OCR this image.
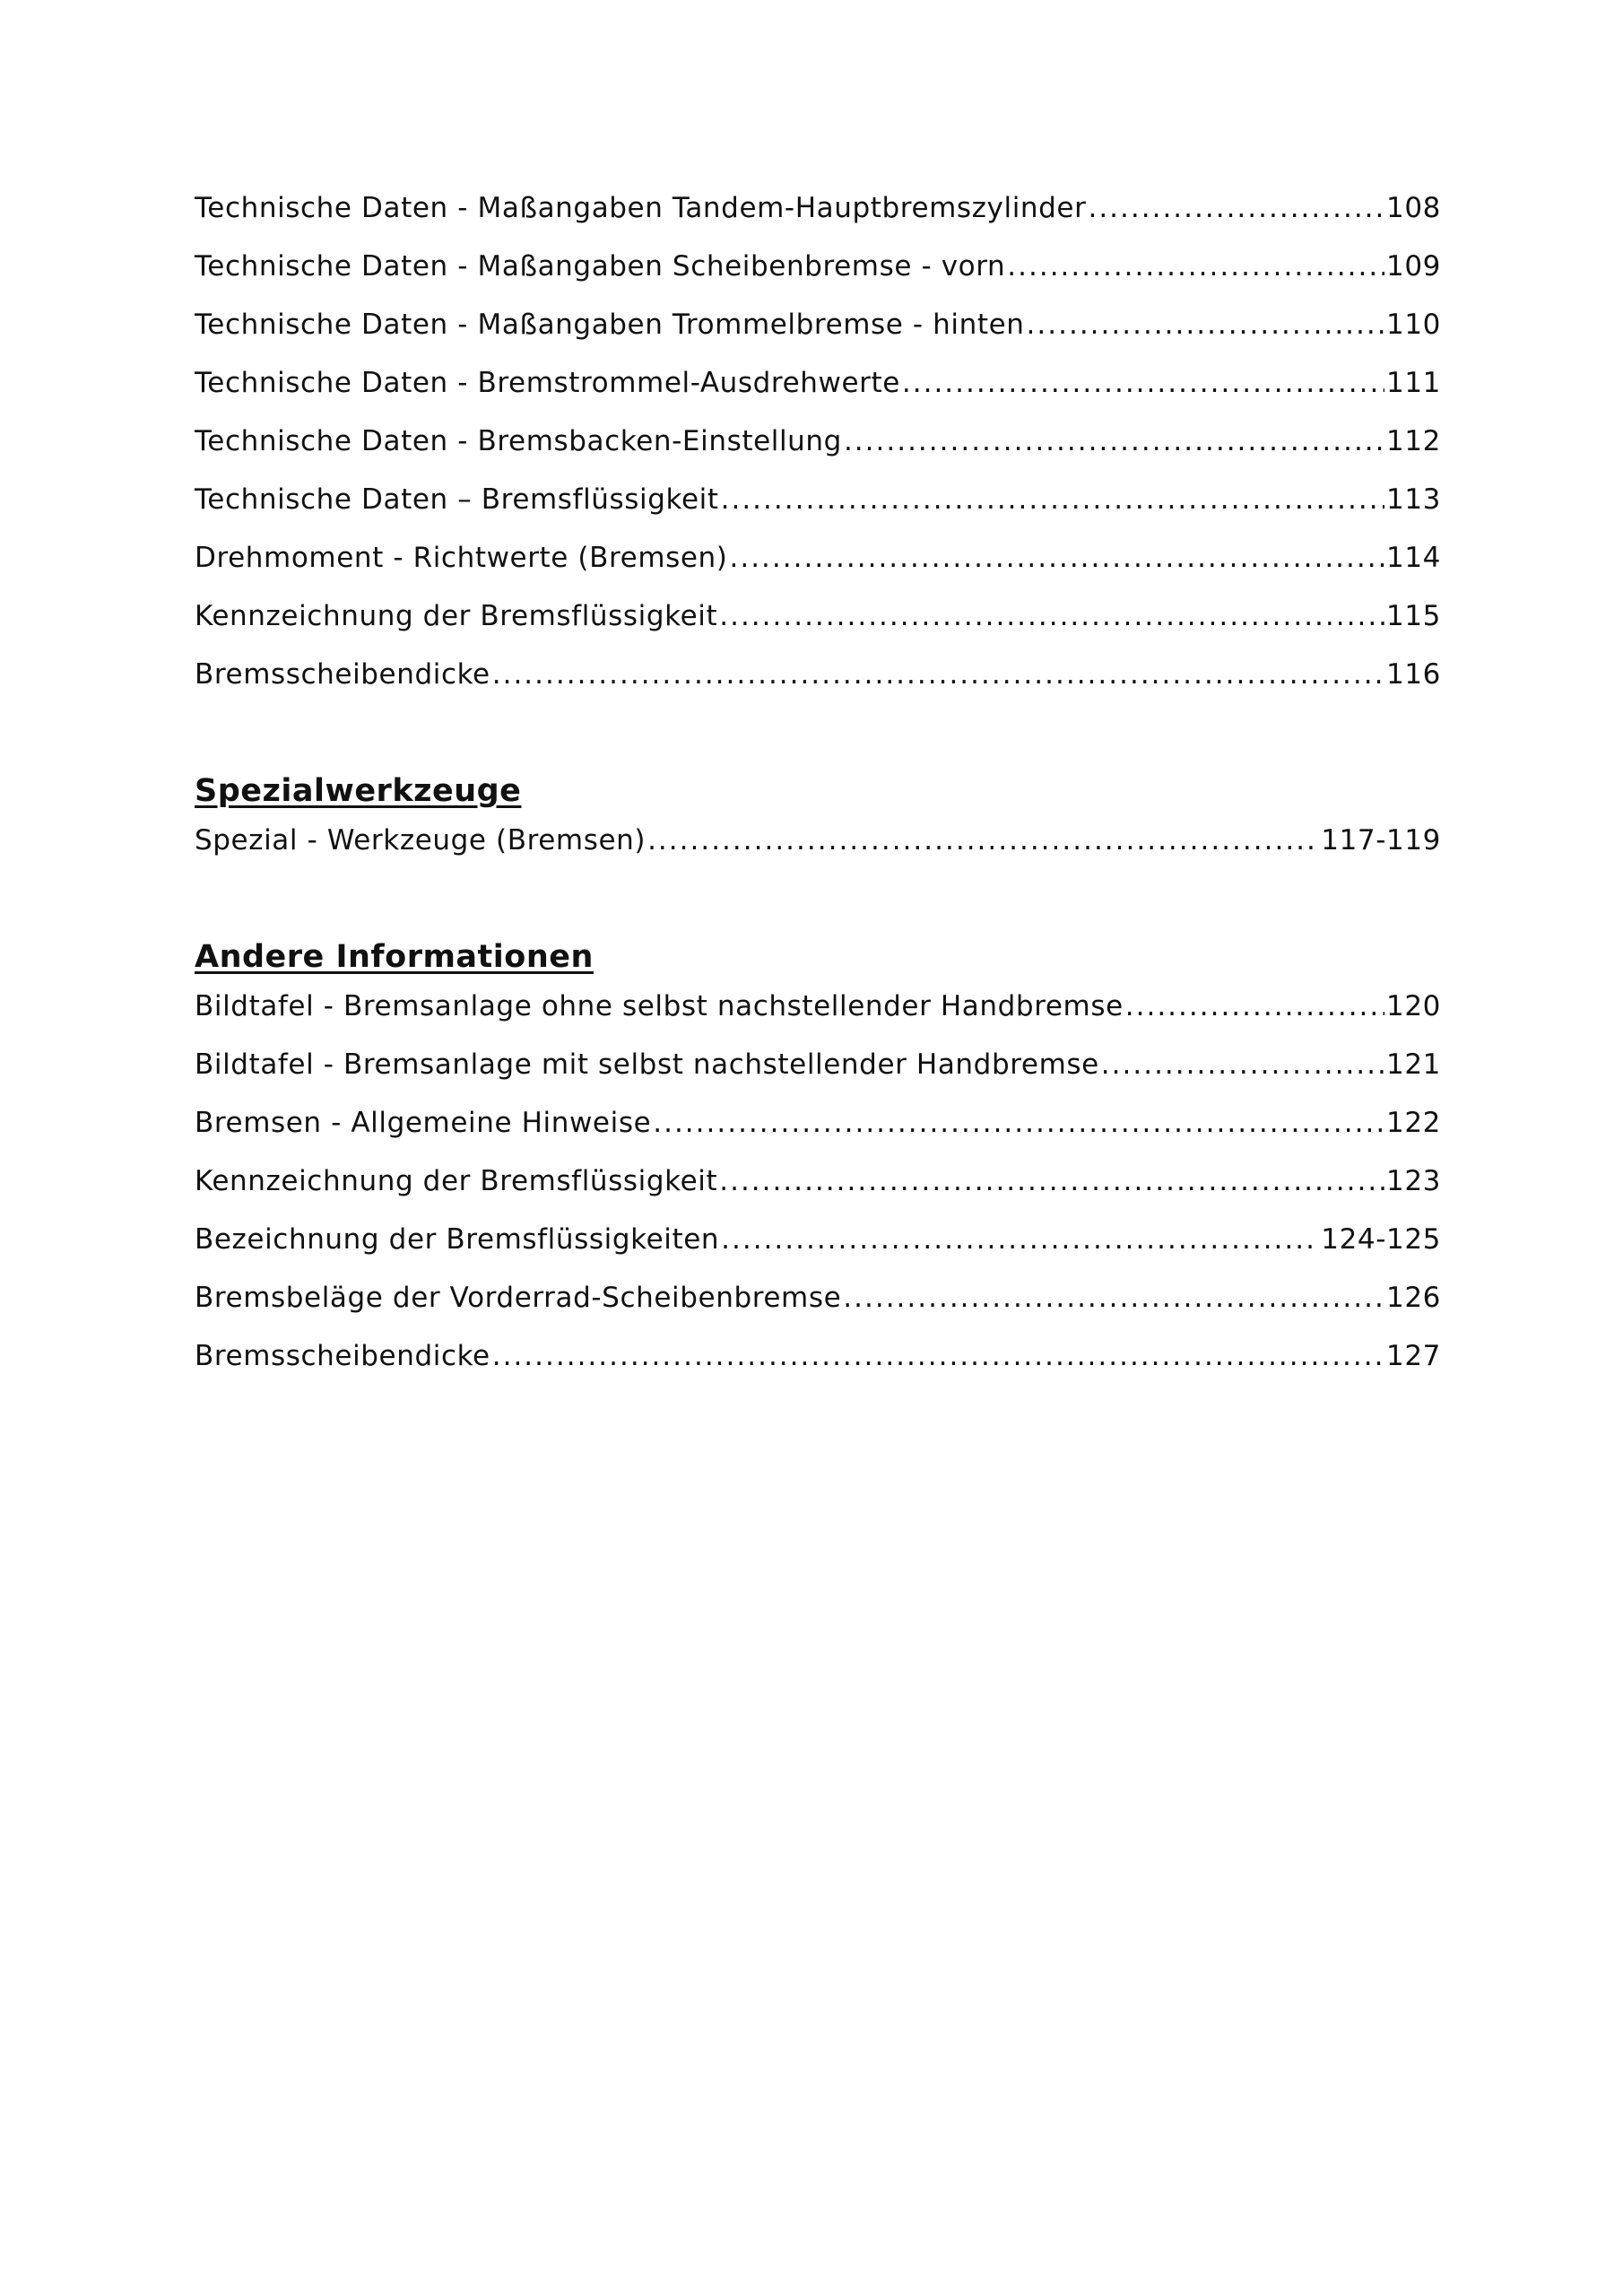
Technische Daten - Maßangaben Tandem-Hauptbremszylinder .....	108
Technische Daten - Maßangaben Scheibenbremse - vorn .....	109
Technische Daten - Maßangaben Trommelbremse - hinten .....	110
Technische Daten - Bremstrommel-Ausdrehwerte .....	111
Technische Daten - Bremsbacken-Einstellung .....	112
Technische Daten – Bremsflüssigkeit .....	113
Drehmoment - Richtwerte (Bremsen) .....	114
Kennzeichnung der Bremsflüssigkeit .....	115
Bremsscheibendicke .....	116
Spezialwerkzeuge
Spezial - Werkzeuge (Bremsen) .....	117-119
Andere Informationen
Bildtafel - Bremsanlage ohne selbst nachstellender Handbremse .....	120
Bildtafel - Bremsanlage mit selbst nachstellender Handbremse .....	121
Bremsen - Allgemeine Hinweise .....	122
Kennzeichnung der Bremsflüssigkeit .....	123
Bezeichnung der Bremsflüssigkeiten .....	124-125
Bremsbeläge der Vorderrad-Scheibenbremse .....	126
Bremsscheibendicke .....	127
